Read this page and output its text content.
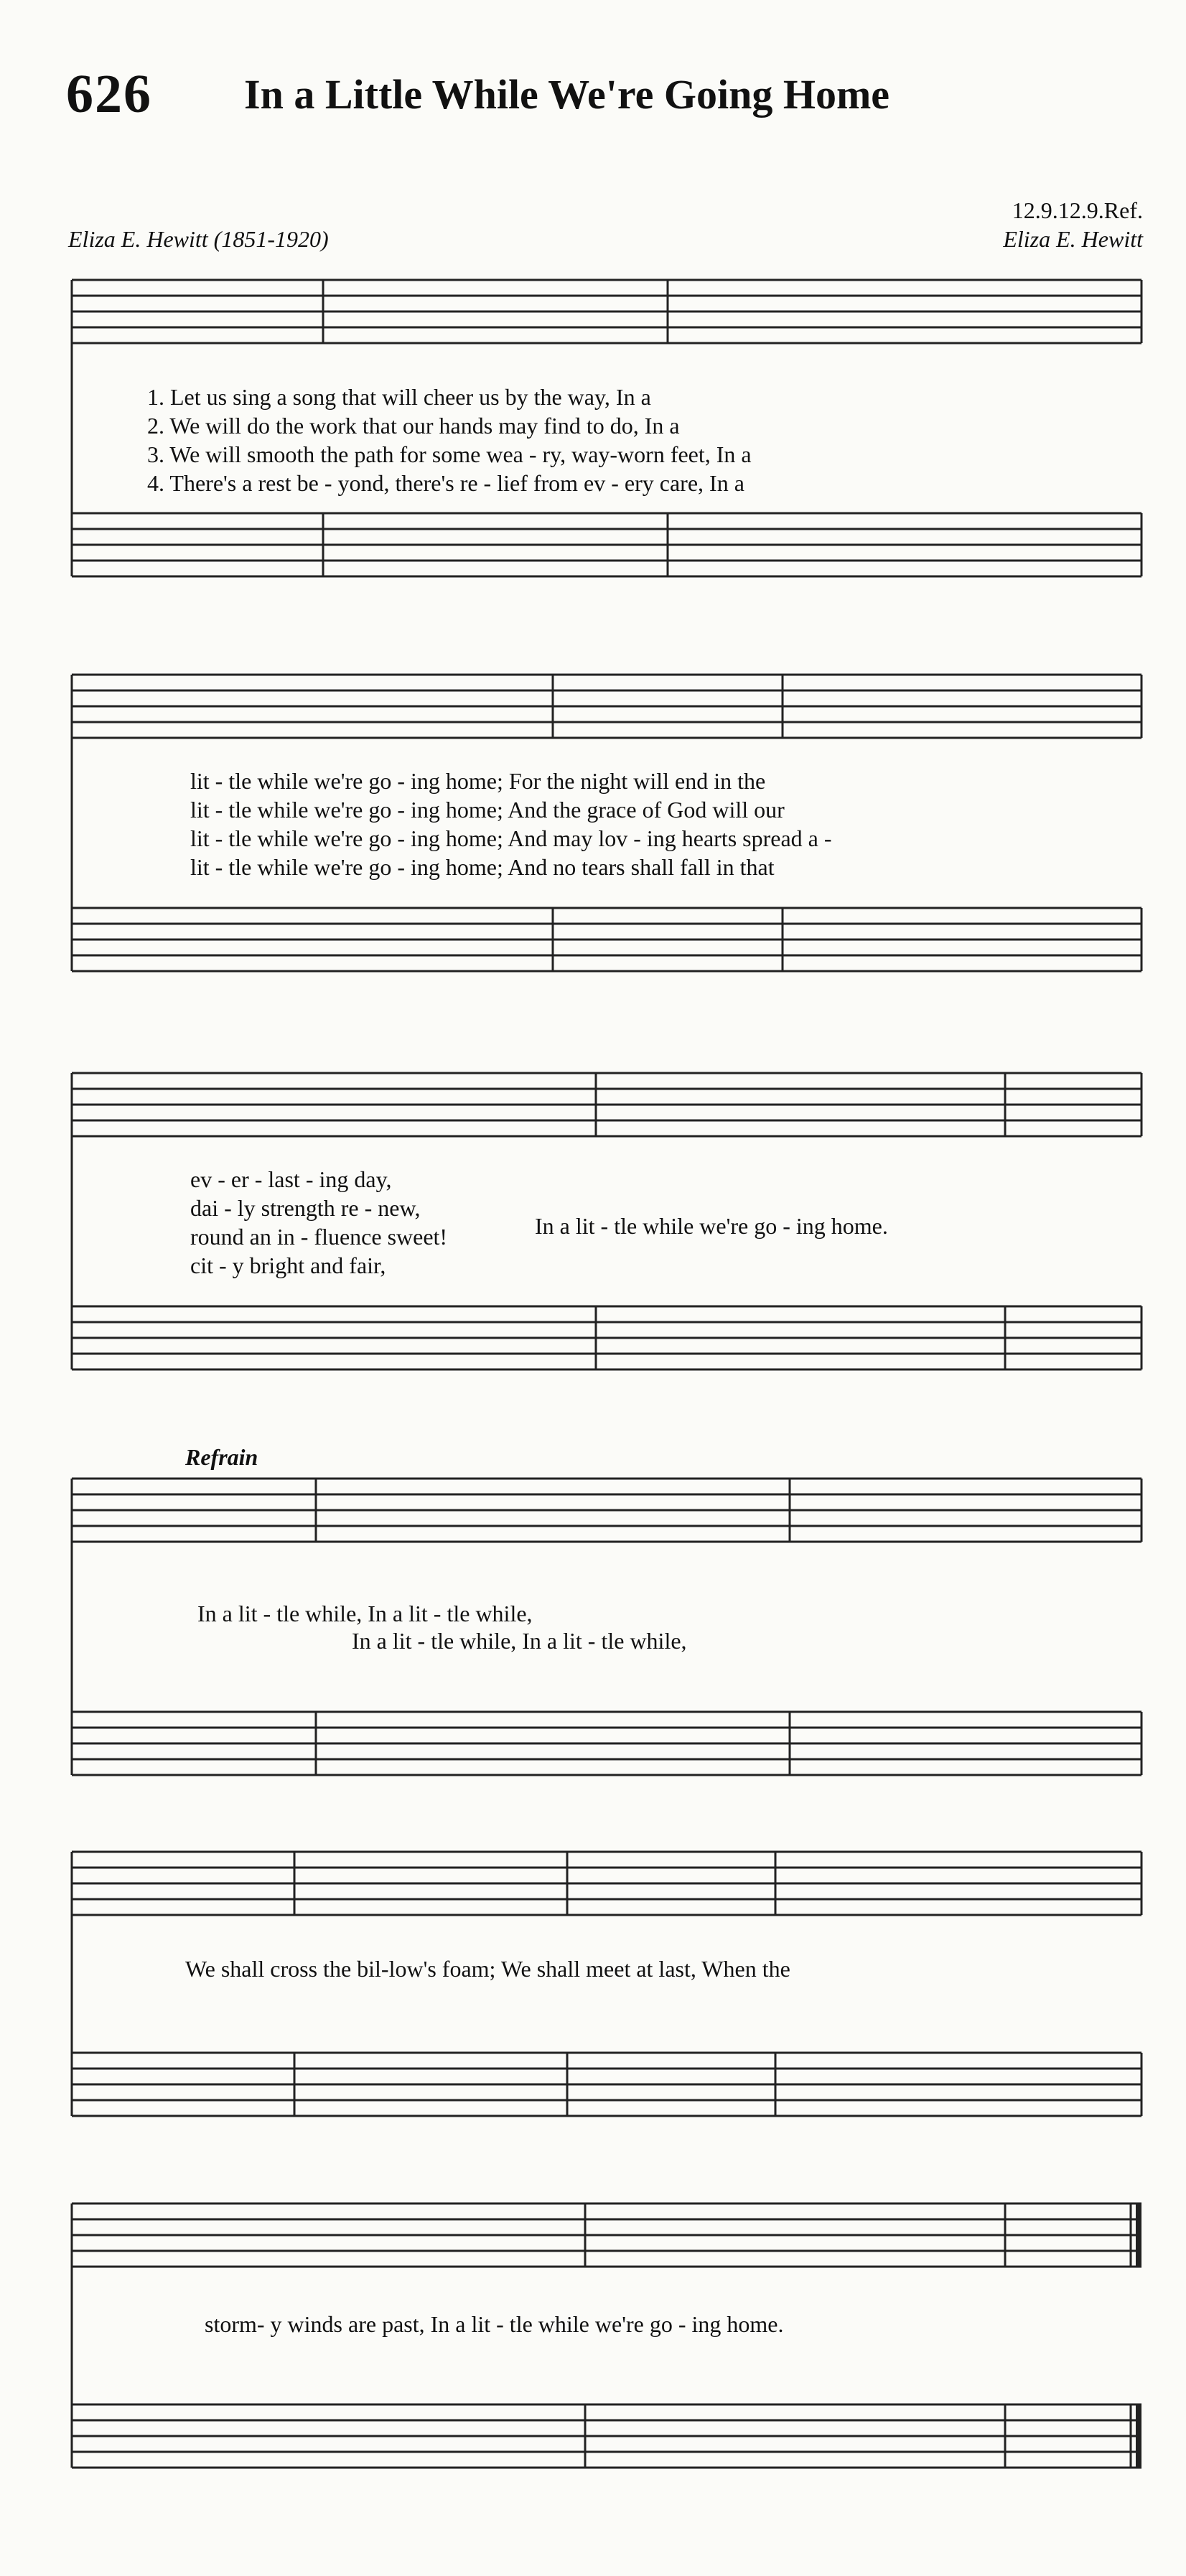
626 In a Little While We're Going Home
12.9.12.9.Ref.
Eliza E. Hewitt (1851-1920)	Eliza E. Hewitt
1. Let us sing a song that will cheer us by the way, In a
2. We will do the work that our hands may find to do, In a
3. We will smooth the path for some wea - ry, way-worn feet, In a
4. There's a rest be - yond, there's re - lief from ev - ery care, In a
lit - tle while we're go - ing home; For the night will end in the
lit - tle while we're go - ing home; And the grace of God will our
lit - tle while we're go - ing home; And may lov - ing hearts spread a -
lit - tle while we're go - ing home; And no tears shall fall in that
ev - er - last - ing day,
dai - ly strength re - new,
round an in - fluence sweet!
cit - y bright and fair,
In a lit - tle while we're go - ing home.
Refrain
In a lit - tle while, In a lit - tle while,
In a lit - tle while, In a lit - tle while,
We shall cross the bil-low's foam; We shall meet at last, When the
storm- y winds are past, In a lit - tle while we're go - ing home.
